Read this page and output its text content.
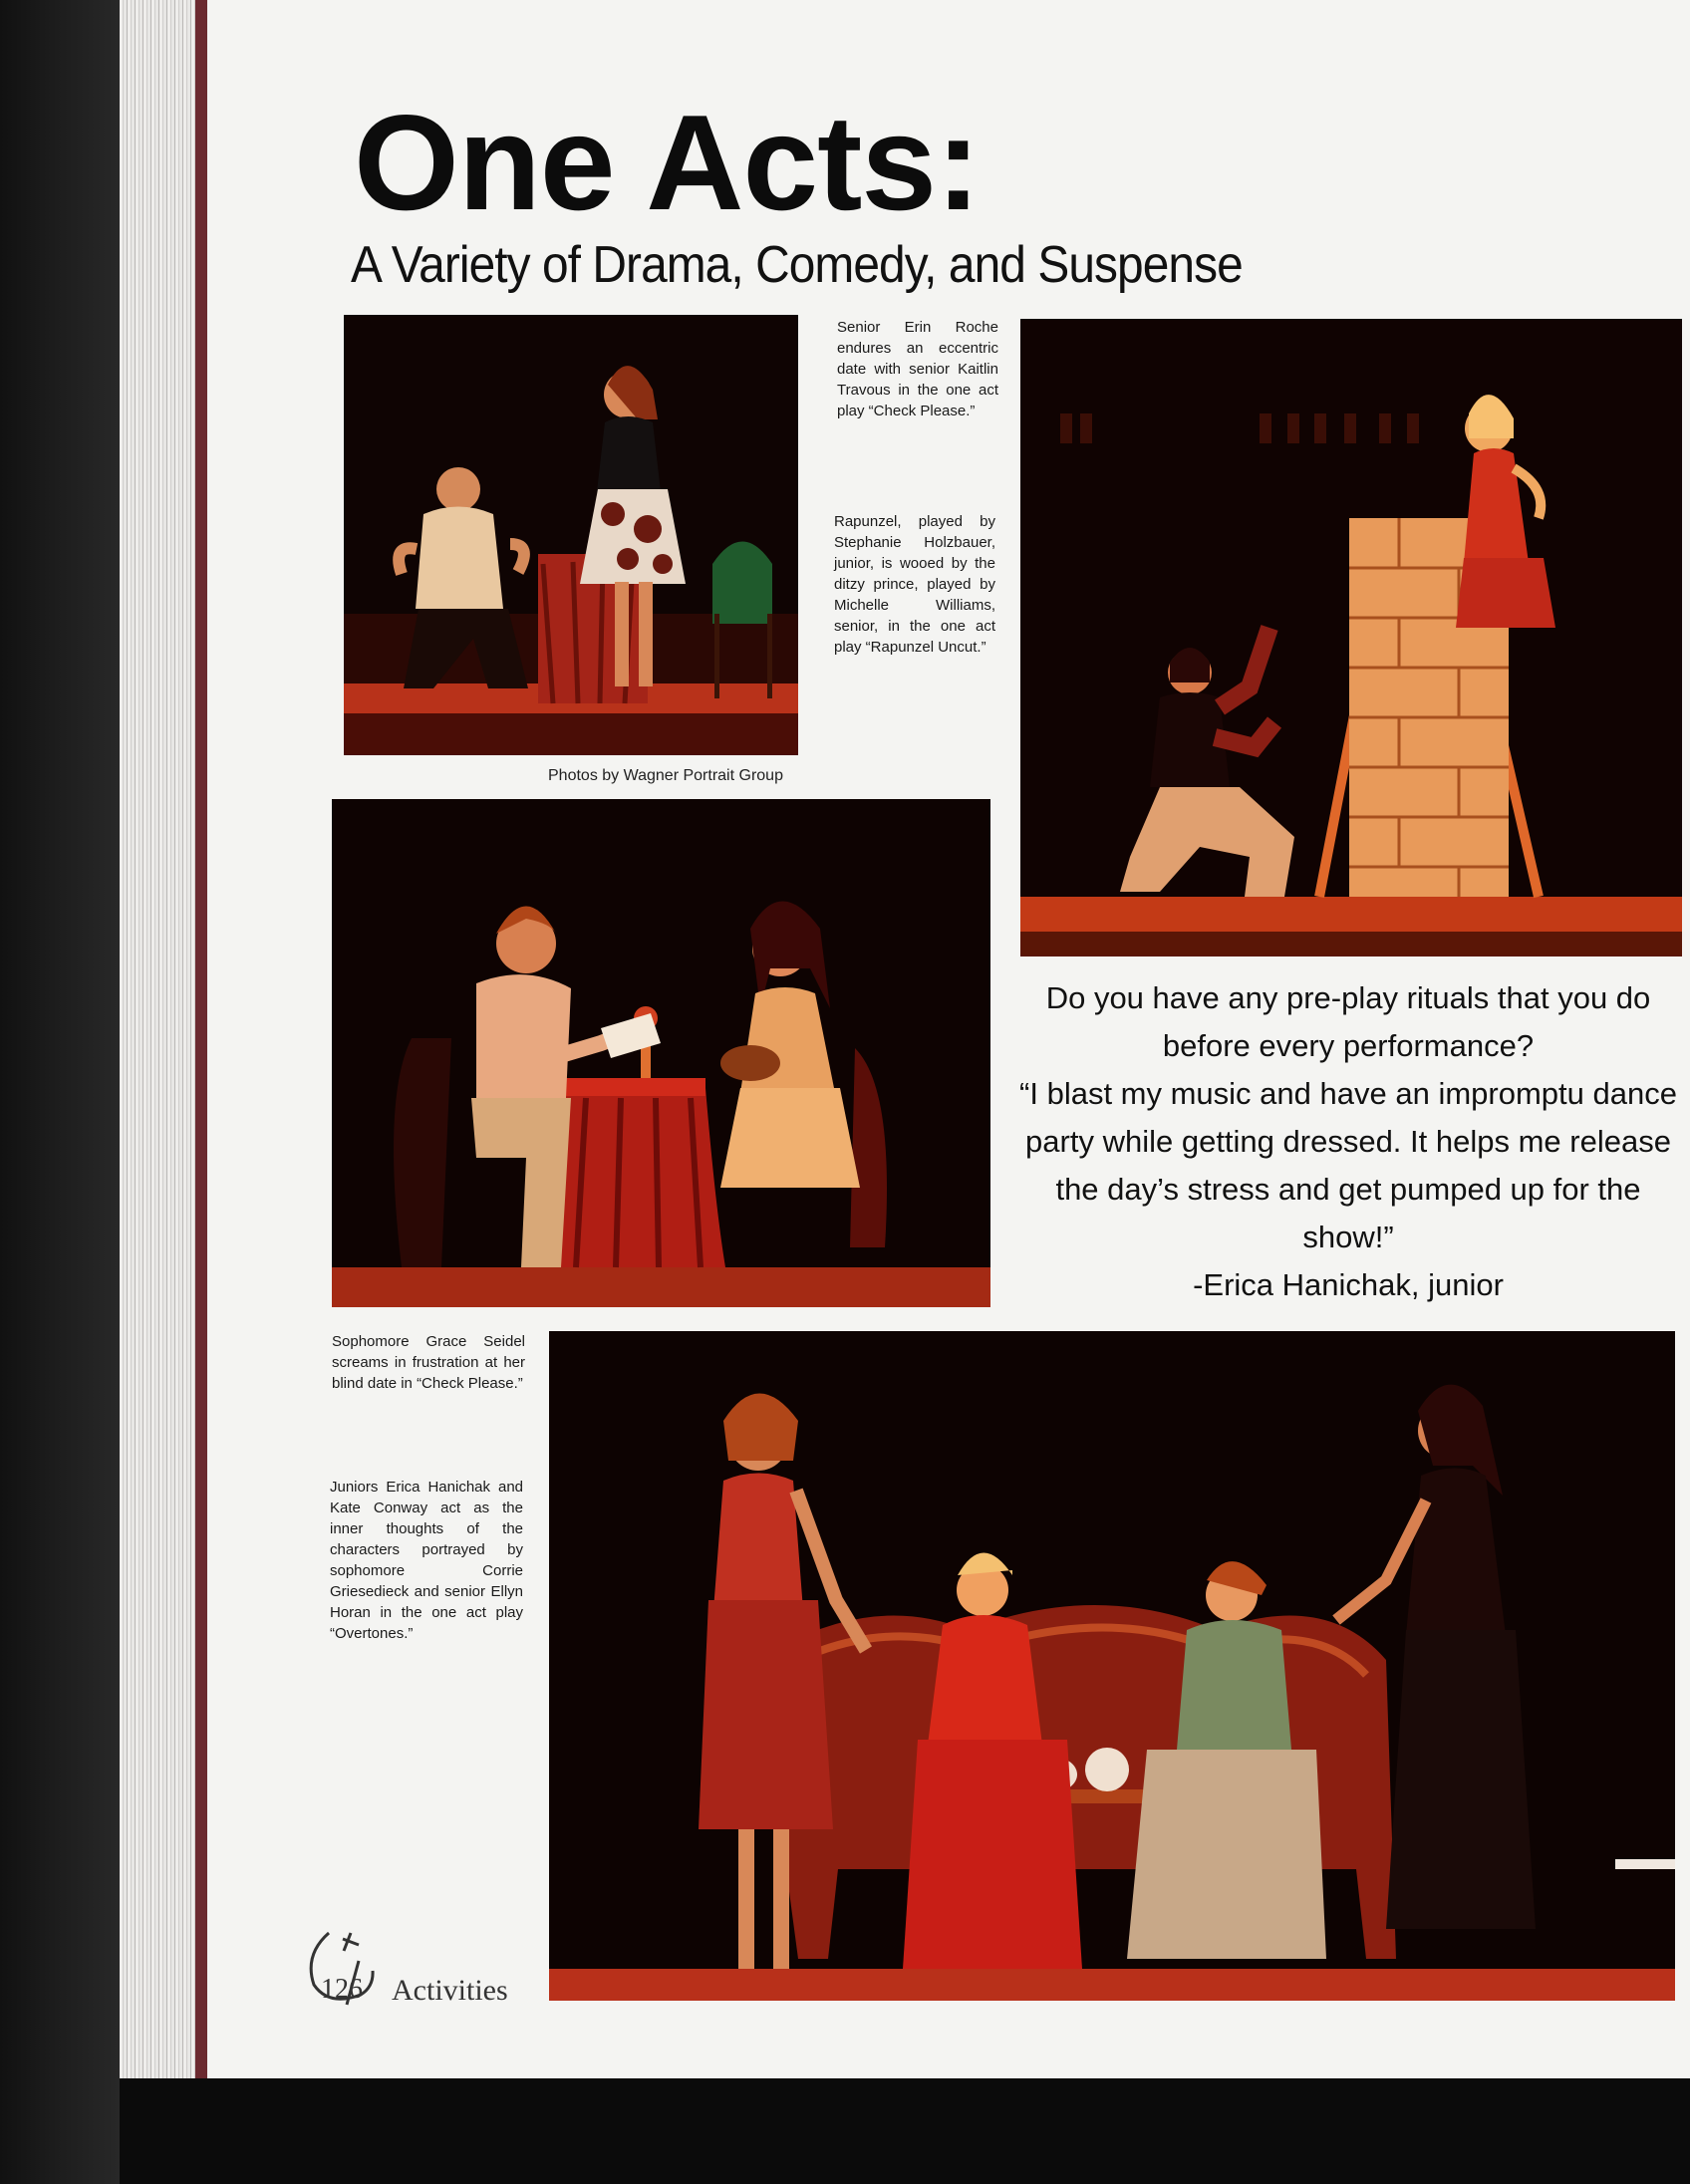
One Acts:
A Variety of Drama, Comedy, and Suspense
Senior Erin Roche endures an eccentric date with senior Kaitlin Travous in the one act play “Check Please.”
Rapunzel, played by Stephanie Holzbauer, junior, is wooed by the ditzy prince, played by Michelle Williams, senior, in the one act play “Rapunzel Uncut.”
Photos by Wagner Portrait Group

Do you have any pre-play rituals that you do before every performance?

“I blast my music and have an impromptu dance party while getting dressed. It helps me release the day’s stress and get pumped up for the show!”

-Erica Hanichak, junior

Sophomore Grace Seidel screams in frustration at her blind date in “Check Please.”
Juniors Erica Hanichak and Kate Conway act as the inner thoughts of the characters portrayed by sophomore Corrie Griesedieck and senior Ellyn Horan in the one act play “Overtones.”
126 Activities
